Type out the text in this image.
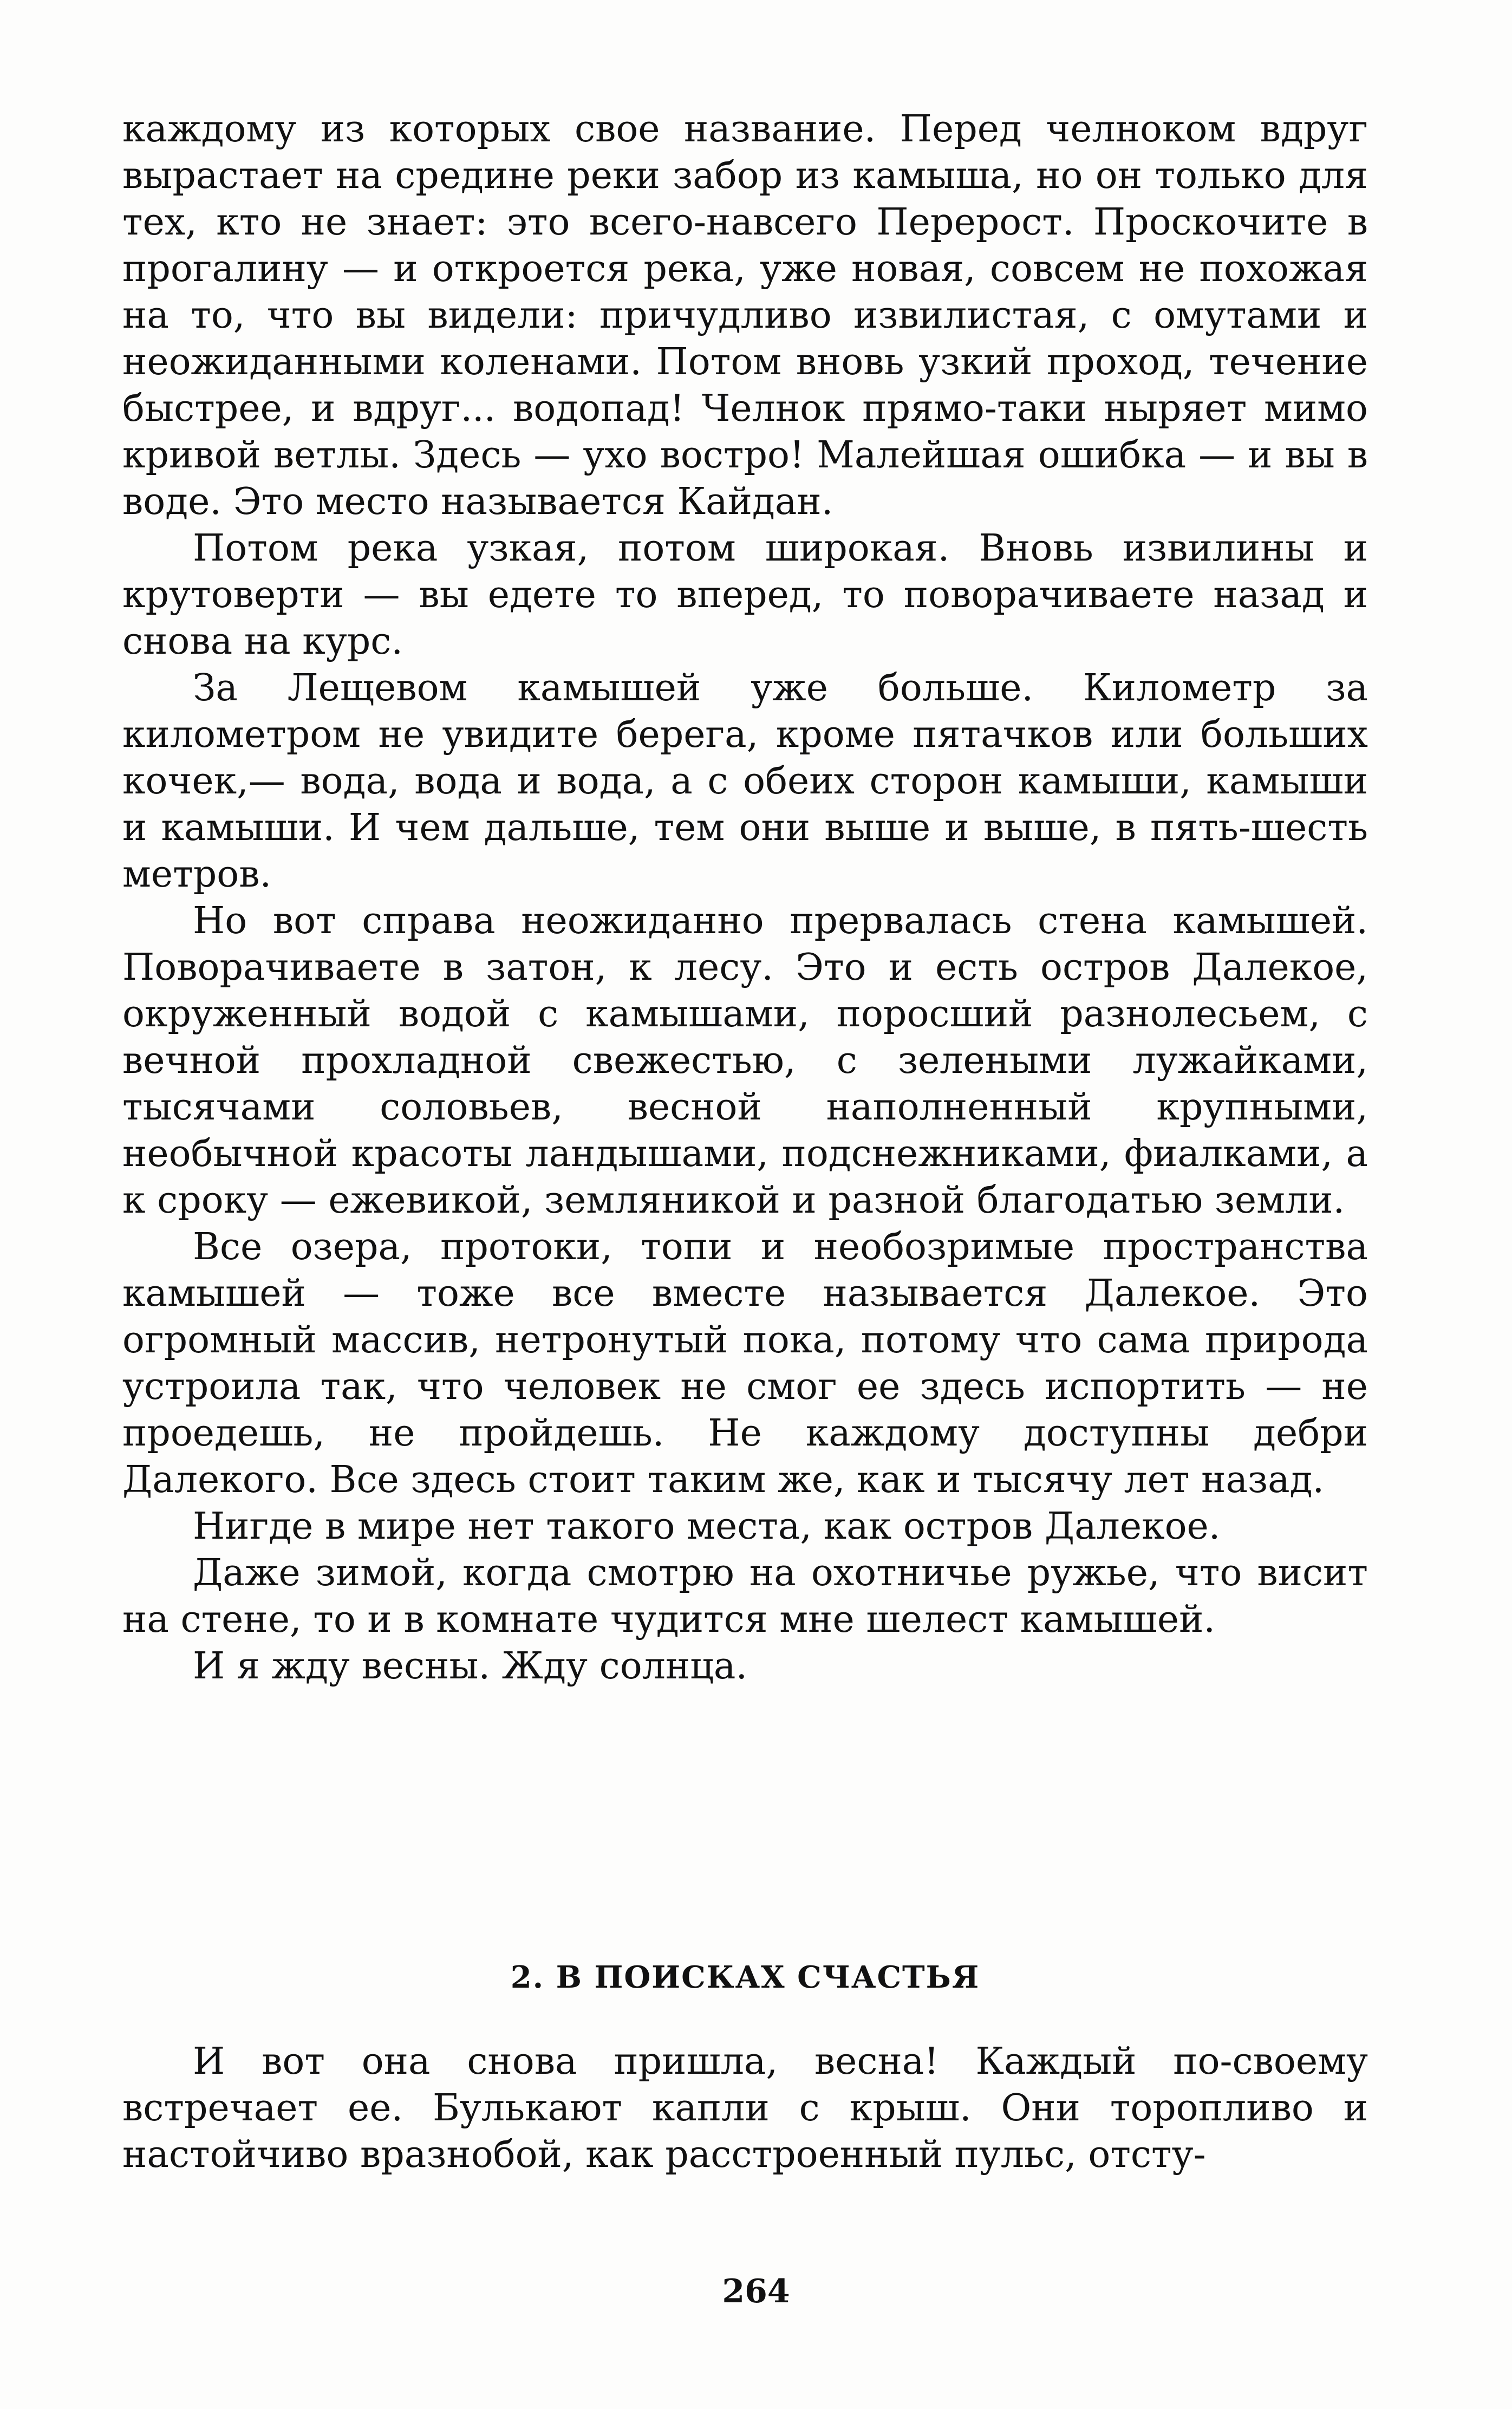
каждому из которых свое название. Перед челноком вдруг вырастает на средине реки забор из камыша, но он только для тех, кто не знает: это всего-навсего Перерост. Проскочите в прогалину — и откроется река, уже новая, совсем не похожая на то, что вы видели: причудливо извилистая, с омутами и неожиданными коленами. Потом вновь узкий проход, течение быстрее, и вдруг... водопад! Челнок прямо-таки ныряет мимо кривой ветлы. Здесь — ухо востро! Малейшая ошибка — и вы в воде. Это место называется Кайдан.

Потом река узкая, потом широкая. Вновь извилины и крутоверти — вы едете то вперед, то поворачиваете назад и снова на курс.

За Лещевом камышей уже больше. Километр за километром не увидите берега, кроме пятачков или больших кочек,— вода, вода и вода, а с обеих сторон камыши, камыши и камыши. И чем дальше, тем они выше и выше, в пять-шесть метров.

Но вот справа неожиданно прервалась стена камышей. Поворачиваете в затон, к лесу. Это и есть остров Далекое, окруженный водой с камышами, поросший разнолесьем, с вечной прохладной свежестью, с зелеными лужайками, тысячами соловьев, весной наполненный крупными, необычной красоты ландышами, подснежниками, фиалками, а к сроку — ежевикой, земляникой и разной благодатью земли.

Все озера, протоки, топи и необозримые пространства камышей — тоже все вместе называется Далекое. Это огромный массив, нетронутый пока, потому что сама природа устроила так, что человек не смог ее здесь испортить — не проедешь, не пройдешь. Не каждому доступны дебри Далекого. Все здесь стоит таким же, как и тысячу лет назад.

Нигде в мире нет такого места, как остров Далекое.

Даже зимой, когда смотрю на охотничье ружье, что висит на стене, то и в комнате чудится мне шелест камышей.

И я жду весны. Жду солнца.

2. В ПОИСКАХ СЧАСТЬЯ

И вот она снова пришла, весна! Каждый по-своему встречает ее. Булькают капли с крыш. Они торопливо и настойчиво вразнобой, как расстроенный пульс, отсту-

264
